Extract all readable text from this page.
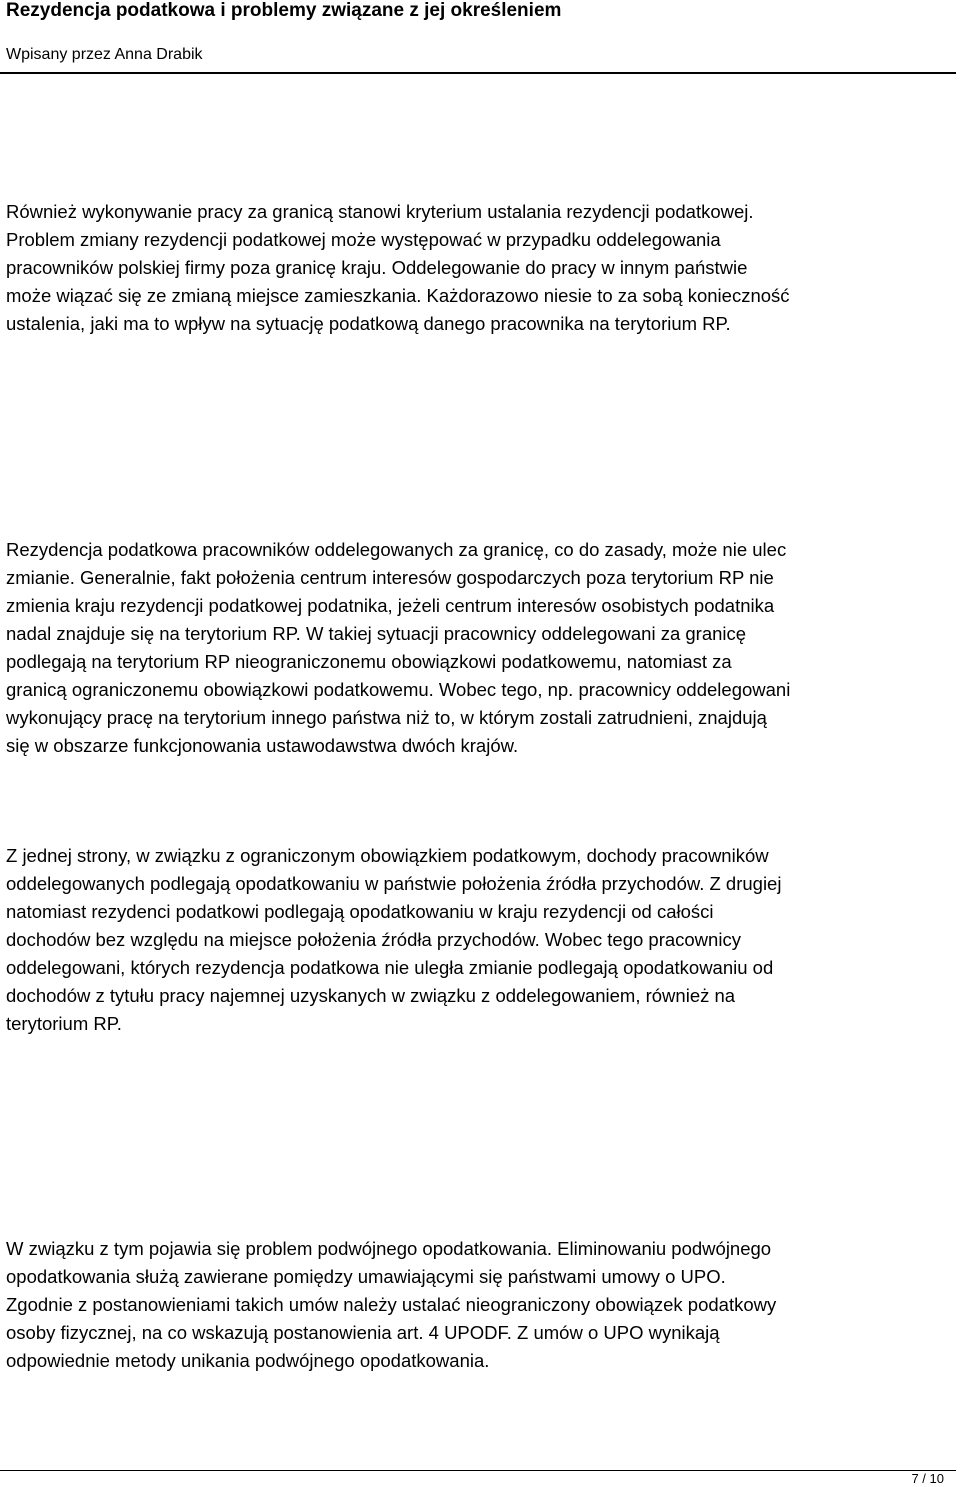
Rezydencja podatkowa i problemy związane z jej określeniem
Wpisany przez Anna Drabik

Również wykonywanie pracy za granicą stanowi kryterium ustalania rezydencji podatkowej.
Problem zmiany rezydencji podatkowej może występować w przypadku oddelegowania
pracowników polskiej firmy poza granicę kraju. Oddelegowanie do pracy w innym państwie
może wiązać się ze zmianą miejsce zamieszkania. Każdorazowo niesie to za sobą konieczność
ustalenia, jaki ma to wpływ na sytuację podatkową danego pracownika na terytorium RP.

Rezydencja podatkowa pracowników oddelegowanych za granicę, co do zasady, może nie ulec
zmianie. Generalnie, fakt położenia centrum interesów gospodarczych poza terytorium RP nie
zmienia kraju rezydencji podatkowej podatnika, jeżeli centrum interesów osobistych podatnika
nadal znajduje się na terytorium RP. W takiej sytuacji pracownicy oddelegowani za granicę
podlegają na terytorium RP nieograniczonemu obowiązkowi podatkowemu, natomiast za
granicą ograniczonemu obowiązkowi podatkowemu. Wobec tego, np. pracownicy oddelegowani
wykonujący pracę na terytorium innego państwa niż to, w którym zostali zatrudnieni, znajdują
się w obszarze funkcjonowania ustawodawstwa dwóch krajów.

Z jednej strony, w związku z ograniczonym obowiązkiem podatkowym, dochody pracowników
oddelegowanych podlegają opodatkowaniu w państwie położenia źródła przychodów. Z drugiej
natomiast rezydenci podatkowi podlegają opodatkowaniu w kraju rezydencji od całości
dochodów bez względu na miejsce położenia źródła przychodów. Wobec tego pracownicy
oddelegowani, których rezydencja podatkowa nie uległa zmianie podlegają opodatkowaniu od
dochodów z tytułu pracy najemnej uzyskanych w związku z oddelegowaniem, również na
terytorium RP.

W związku z tym pojawia się problem podwójnego opodatkowania. Eliminowaniu podwójnego
opodatkowania służą zawierane pomiędzy umawiającymi się państwami umowy o UPO.
Zgodnie z postanowieniami takich umów należy ustalać nieograniczony obowiązek podatkowy
osoby fizycznej, na co wskazują postanowienia art. 4 UPODF. Z umów o UPO wynikają
odpowiednie metody unikania podwójnego opodatkowania.

7 / 10
